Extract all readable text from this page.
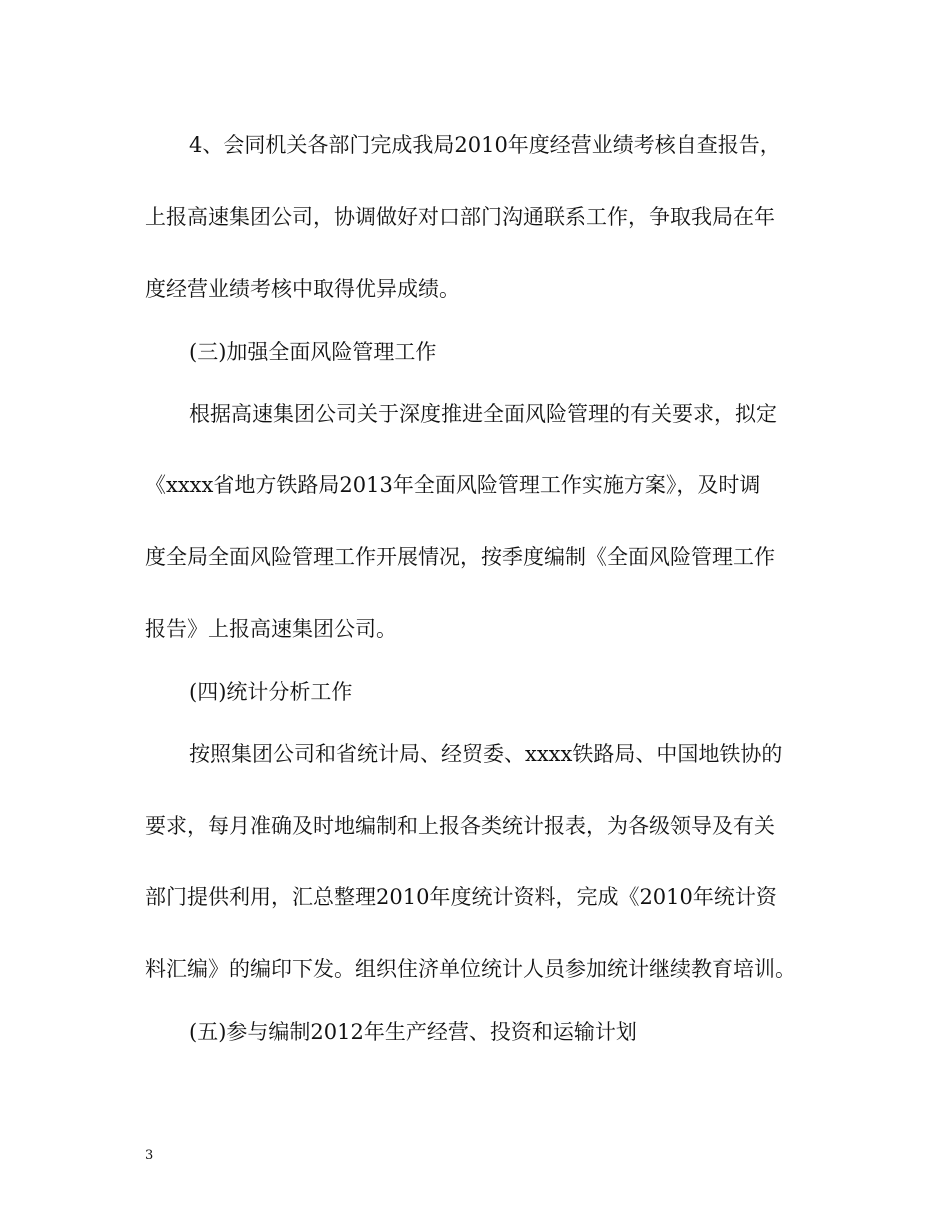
4、会同机关各部门完成我局2010年度经营业绩考核自查报告，
上报高速集团公司，协调做好对口部门沟通联系工作，争取我局在年
度经营业绩考核中取得优异成绩。
(三)加强全面风险管理工作
根据高速集团公司关于深度推进全面风险管理的有关要求，拟定
《xxxx省地方铁路局2013年全面风险管理工作实施方案》，及时调
度全局全面风险管理工作开展情况，按季度编制《全面风险管理工作
报告》上报高速集团公司。
(四)统计分析工作
按照集团公司和省统计局、经贸委、xxxx铁路局、中国地铁协的
要求，每月准确及时地编制和上报各类统计报表，为各级领导及有关
部门提供利用，汇总整理2010年度统计资料，完成《2010年统计资
料汇编》的编印下发。组织住济单位统计人员参加统计继续教育培训。
(五)参与编制2012年生产经营、投资和运输计划
3
